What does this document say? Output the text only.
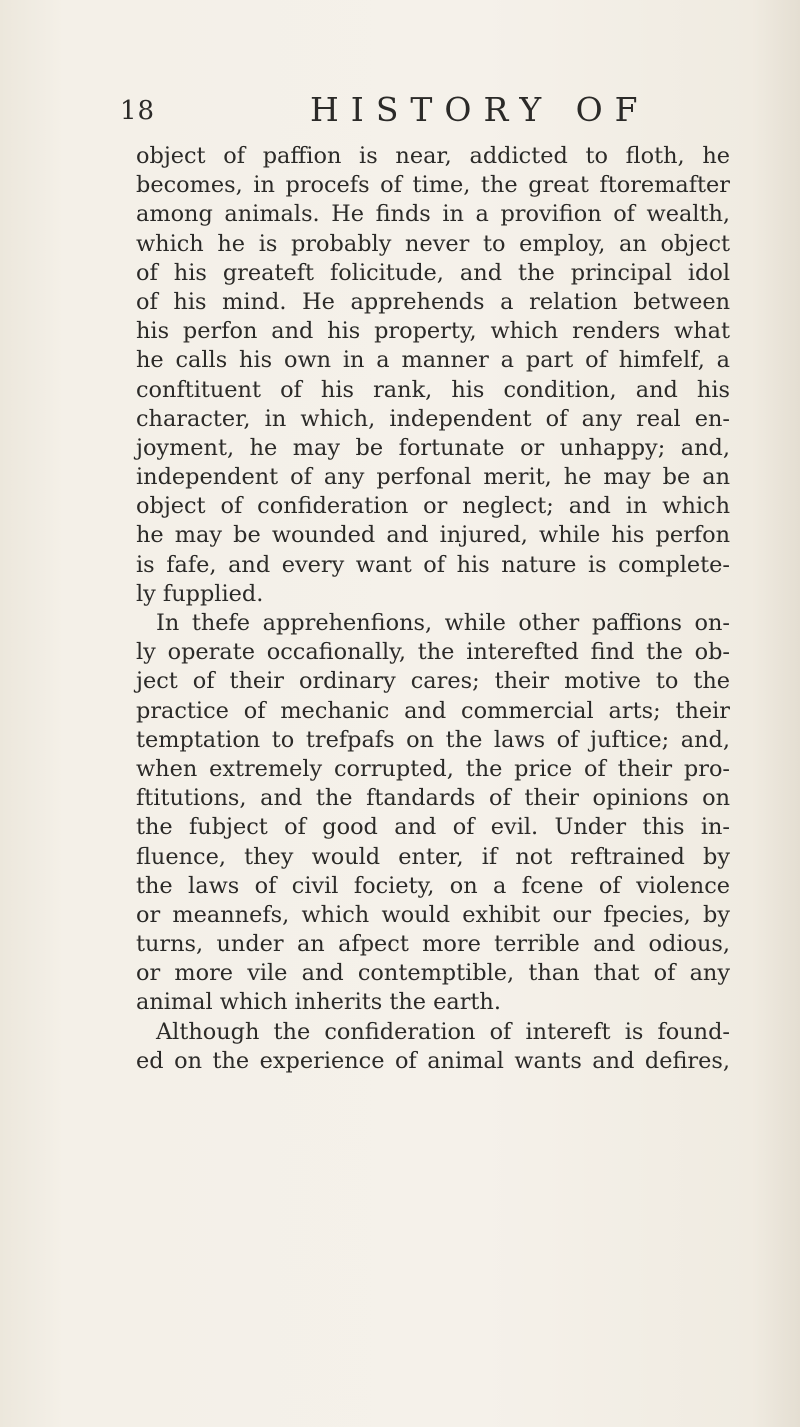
18	HISTORY OF
object of paffion is near, addicted to floth, he
becomes, in procefs of time, the great ftoremafter
among animals. He finds in a provifion of wealth,
which he is probably never to employ, an object
of his greateft folicitude, and the principal idol
of his mind. He apprehends a relation between
his perfon and his property, which renders what
he calls his own in a manner a part of himfelf, a
conftituent of his rank, his condition, and his
character, in which, independent of any real en-
joyment, he may be fortunate or unhappy; and,
independent of any perfonal merit, he may be an
object of confideration or neglect; and in which
he may be wounded and injured, while his perfon
is fafe, and every want of his nature is complete-
ly fupplied.
In thefe apprehenfions, while other paffions on-
ly operate occafionally, the interefted find the ob-
ject of their ordinary cares; their motive to the
practice of mechanic and commercial arts; their
temptation to trefpafs on the laws of juftice; and,
when extremely corrupted, the price of their pro-
ftitutions, and the ftandards of their opinions on
the fubject of good and of evil. Under this in-
fluence, they would enter, if not reftrained by
the laws of civil fociety, on a fcene of violence
or meannefs, which would exhibit our fpecies, by
turns, under an afpect more terrible and odious,
or more vile and contemptible, than that of any
animal which inherits the earth.
Although the confideration of intereft is found-
ed on the experience of animal wants and defires,
